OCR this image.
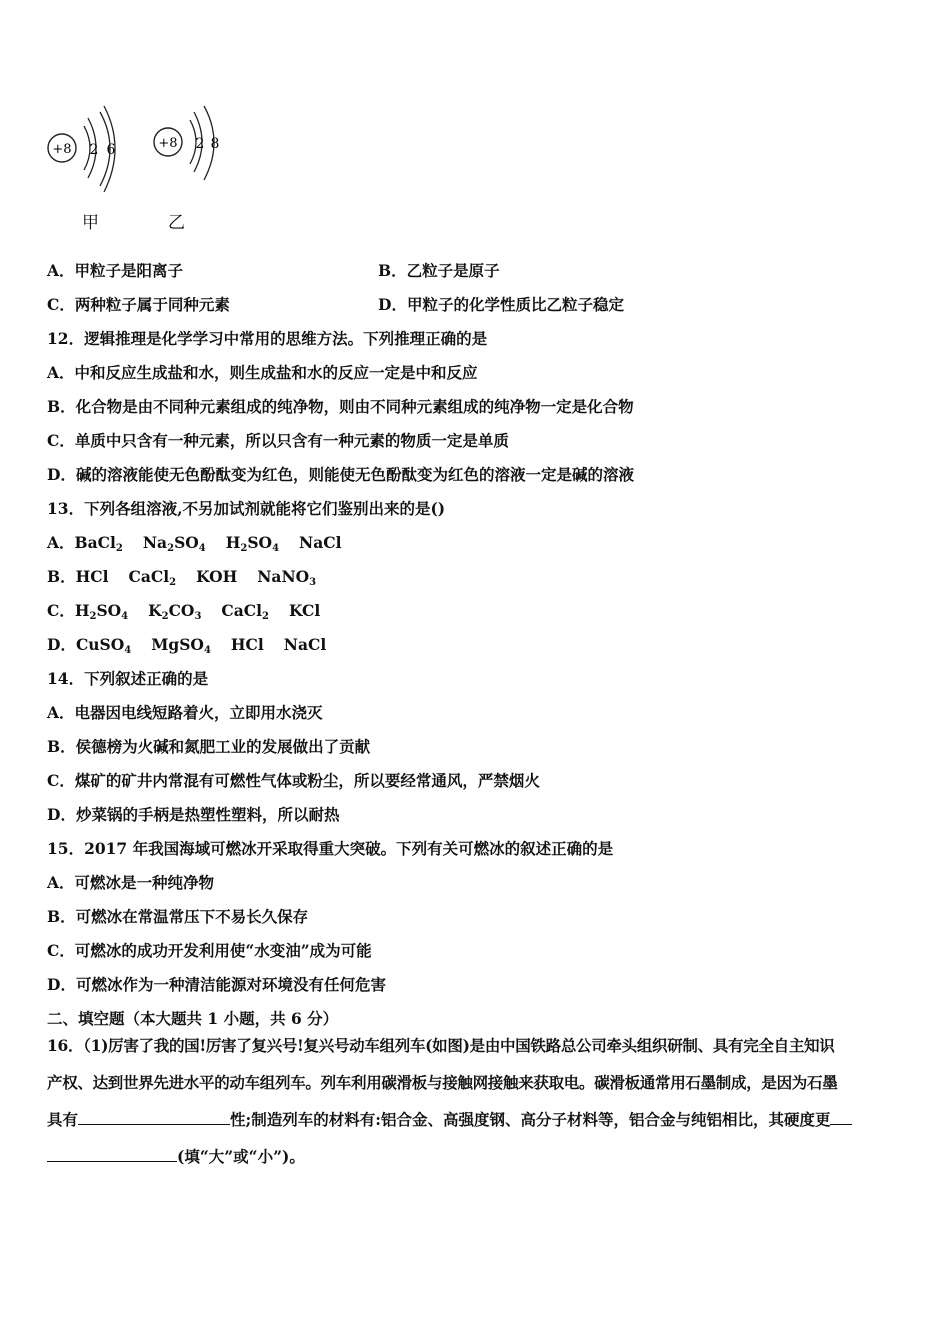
+8 2 6	+8 2 8
甲	乙
A．甲粒子是阳离子	B．乙粒子是原子
C．两种粒子属于同种元素	D．甲粒子的化学性质比乙粒子稳定
12．逻辑推理是化学学习中常用的思维方法。下列推理正确的是
A．中和反应生成盐和水，则生成盐和水的反应一定是中和反应
B．化合物是由不同种元素组成的纯净物，则由不同种元素组成的纯净物一定是化合物
C．单质中只含有一种元素，所以只含有一种元素的物质一定是单质
D．碱的溶液能使无色酚酞变为红色，则能使无色酚酞变为红色的溶液一定是碱的溶液
13．下列各组溶液,不另加试剂就能将它们鉴别出来的是()
A．BaCl$_2$ $Na_2SO_4$ $H_2SO_4$ NaCl
B．HCl CaCl$_2$ KOH NaNO$_3$
C．$H_2SO_4$ $K_2CO_3$ CaCl$_2$ KCl
D．CuSO$_4$ MgSO$_4$ HCl NaCl
14．下列叙述正确的是
A．电器因电线短路着火，立即用水浇灭
B．侯德榜为火碱和氮肥工业的发展做出了贡献
C．煤矿的矿井内常混有可燃性气体或粉尘，所以要经常通风，严禁烟火
D．炒菜锅的手柄是热塑性塑料，所以耐热
15．2017 年我国海域可燃冰开采取得重大突破。下列有关可燃冰的叙述正确的是
A．可燃冰是一种纯净物
B．可燃冰在常温常压下不易长久保存
C．可燃冰的成功开发利用使“水变油”成为可能
D．可燃冰作为一种清洁能源对环境没有任何危害
二、填空题（本大题共 1 小题，共 6 分）
16．（1)厉害了我的国!厉害了复兴号!复兴号动车组列车(如图)是由中国铁路总公司牵头组织研制、具有完全自主知识
产权、达到世界先进水平的动车组列车。列车利用碳滑板与接触网接触来获取电。碳滑板通常用石墨制成，是因为石墨
具有	性;制造列车的材料有:铝合金、高强度钢、高分子材料等，铝合金与纯铝相比，其硬度更
(填“大”或“小”)。
